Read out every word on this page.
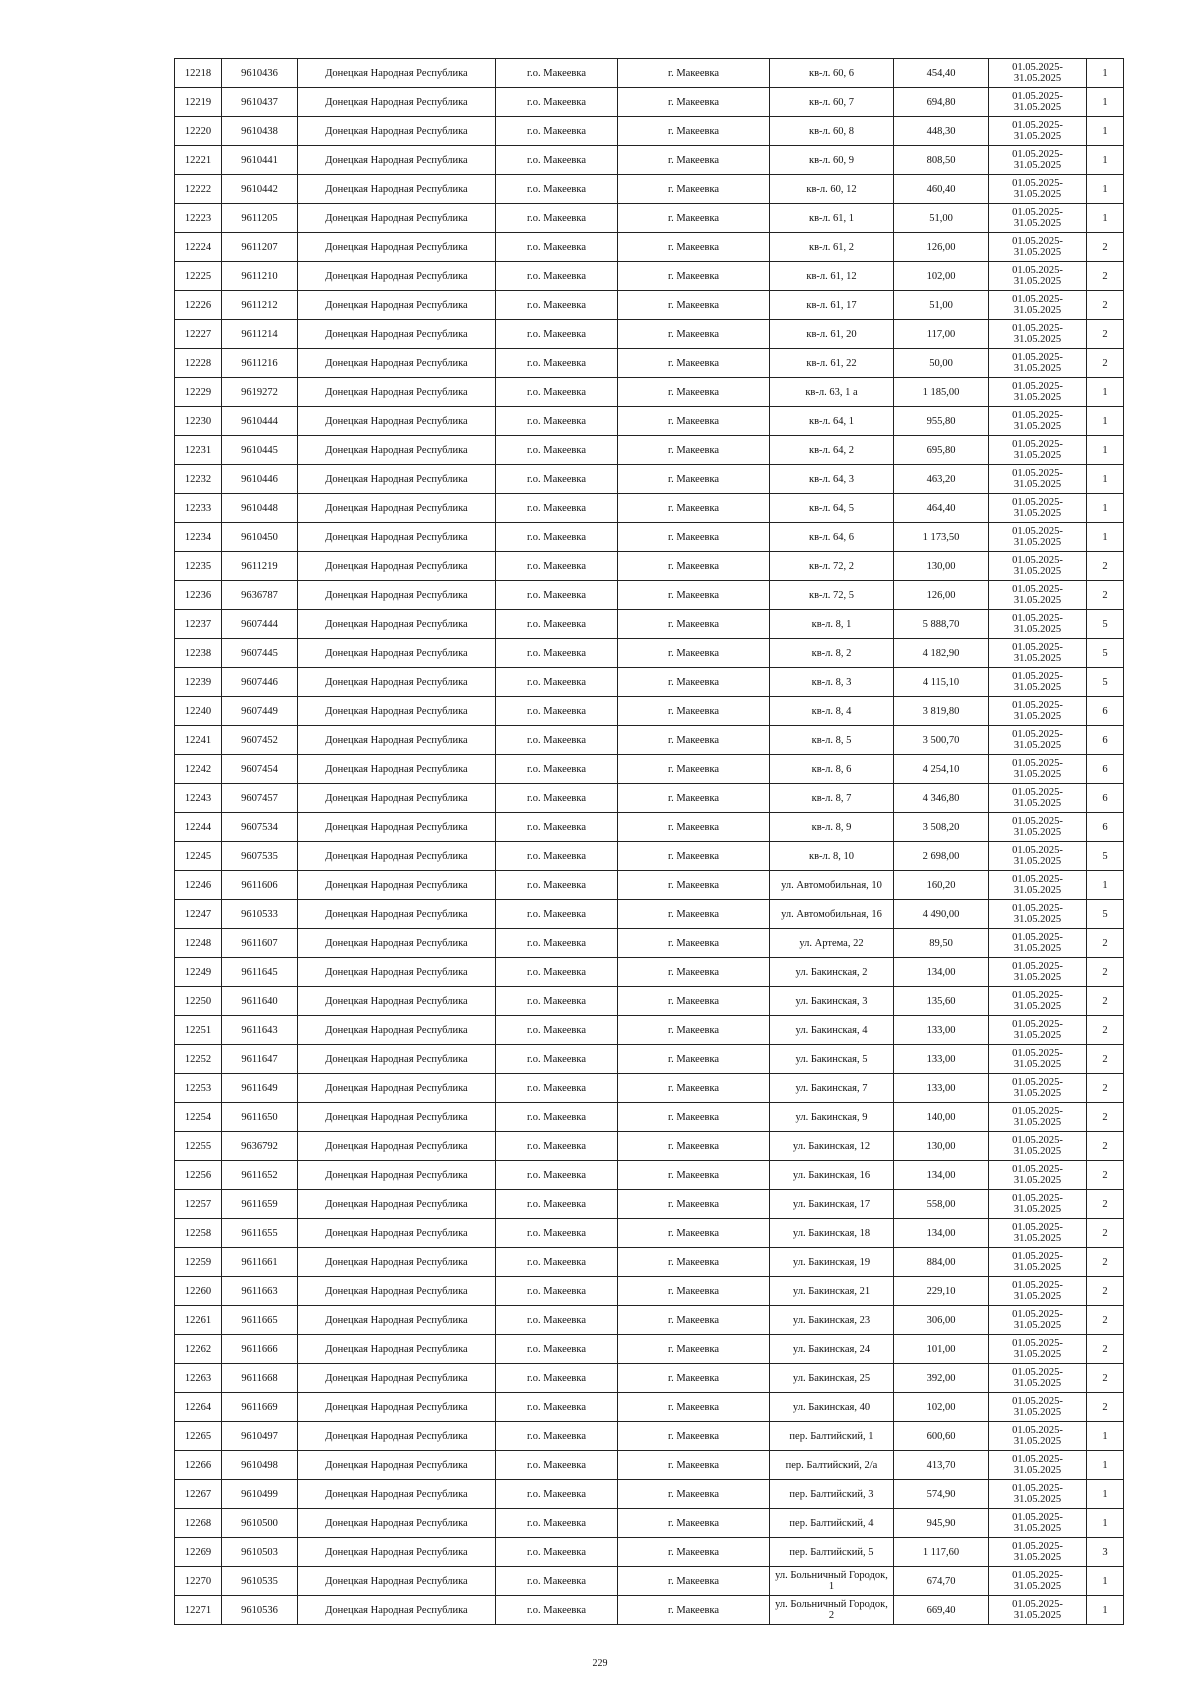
12218	9610436	Донецкая Народная Республика	г.о. Макеевка	г. Макеевка	кв-л. 60, 6	454,40	01.05.2025-31.05.2025	1
12219	9610437	Донецкая Народная Республика	г.о. Макеевка	г. Макеевка	кв-л. 60, 7	694,80	01.05.2025-31.05.2025	1
12220	9610438	Донецкая Народная Республика	г.о. Макеевка	г. Макеевка	кв-л. 60, 8	448,30	01.05.2025-31.05.2025	1
12221	9610441	Донецкая Народная Республика	г.о. Макеевка	г. Макеевка	кв-л. 60, 9	808,50	01.05.2025-31.05.2025	1
12222	9610442	Донецкая Народная Республика	г.о. Макеевка	г. Макеевка	кв-л. 60, 12	460,40	01.05.2025-31.05.2025	1
12223	9611205	Донецкая Народная Республика	г.о. Макеевка	г. Макеевка	кв-л. 61, 1	51,00	01.05.2025-31.05.2025	1
12224	9611207	Донецкая Народная Республика	г.о. Макеевка	г. Макеевка	кв-л. 61, 2	126,00	01.05.2025-31.05.2025	2
12225	9611210	Донецкая Народная Республика	г.о. Макеевка	г. Макеевка	кв-л. 61, 12	102,00	01.05.2025-31.05.2025	2
12226	9611212	Донецкая Народная Республика	г.о. Макеевка	г. Макеевка	кв-л. 61, 17	51,00	01.05.2025-31.05.2025	2
12227	9611214	Донецкая Народная Республика	г.о. Макеевка	г. Макеевка	кв-л. 61, 20	117,00	01.05.2025-31.05.2025	2
12228	9611216	Донецкая Народная Республика	г.о. Макеевка	г. Макеевка	кв-л. 61, 22	50,00	01.05.2025-31.05.2025	2
12229	9619272	Донецкая Народная Республика	г.о. Макеевка	г. Макеевка	кв-л. 63, 1 а	1 185,00	01.05.2025-31.05.2025	1
12230	9610444	Донецкая Народная Республика	г.о. Макеевка	г. Макеевка	кв-л. 64, 1	955,80	01.05.2025-31.05.2025	1
12231	9610445	Донецкая Народная Республика	г.о. Макеевка	г. Макеевка	кв-л. 64, 2	695,80	01.05.2025-31.05.2025	1
12232	9610446	Донецкая Народная Республика	г.о. Макеевка	г. Макеевка	кв-л. 64, 3	463,20	01.05.2025-31.05.2025	1
12233	9610448	Донецкая Народная Республика	г.о. Макеевка	г. Макеевка	кв-л. 64, 5	464,40	01.05.2025-31.05.2025	1
12234	9610450	Донецкая Народная Республика	г.о. Макеевка	г. Макеевка	кв-л. 64, 6	1 173,50	01.05.2025-31.05.2025	1
12235	9611219	Донецкая Народная Республика	г.о. Макеевка	г. Макеевка	кв-л. 72, 2	130,00	01.05.2025-31.05.2025	2
12236	9636787	Донецкая Народная Республика	г.о. Макеевка	г. Макеевка	кв-л. 72, 5	126,00	01.05.2025-31.05.2025	2
12237	9607444	Донецкая Народная Республика	г.о. Макеевка	г. Макеевка	кв-л. 8, 1	5 888,70	01.05.2025-31.05.2025	5
12238	9607445	Донецкая Народная Республика	г.о. Макеевка	г. Макеевка	кв-л. 8, 2	4 182,90	01.05.2025-31.05.2025	5
12239	9607446	Донецкая Народная Республика	г.о. Макеевка	г. Макеевка	кв-л. 8, 3	4 115,10	01.05.2025-31.05.2025	5
12240	9607449	Донецкая Народная Республика	г.о. Макеевка	г. Макеевка	кв-л. 8, 4	3 819,80	01.05.2025-31.05.2025	6
12241	9607452	Донецкая Народная Республика	г.о. Макеевка	г. Макеевка	кв-л. 8, 5	3 500,70	01.05.2025-31.05.2025	6
12242	9607454	Донецкая Народная Республика	г.о. Макеевка	г. Макеевка	кв-л. 8, 6	4 254,10	01.05.2025-31.05.2025	6
12243	9607457	Донецкая Народная Республика	г.о. Макеевка	г. Макеевка	кв-л. 8, 7	4 346,80	01.05.2025-31.05.2025	6
12244	9607534	Донецкая Народная Республика	г.о. Макеевка	г. Макеевка	кв-л. 8, 9	3 508,20	01.05.2025-31.05.2025	6
12245	9607535	Донецкая Народная Республика	г.о. Макеевка	г. Макеевка	кв-л. 8, 10	2 698,00	01.05.2025-31.05.2025	5
12246	9611606	Донецкая Народная Республика	г.о. Макеевка	г. Макеевка	ул. Автомобильная, 10	160,20	01.05.2025-31.05.2025	1
12247	9610533	Донецкая Народная Республика	г.о. Макеевка	г. Макеевка	ул. Автомобильная, 16	4 490,00	01.05.2025-31.05.2025	5
12248	9611607	Донецкая Народная Республика	г.о. Макеевка	г. Макеевка	ул. Артема, 22	89,50	01.05.2025-31.05.2025	2
12249	9611645	Донецкая Народная Республика	г.о. Макеевка	г. Макеевка	ул. Бакинская, 2	134,00	01.05.2025-31.05.2025	2
12250	9611640	Донецкая Народная Республика	г.о. Макеевка	г. Макеевка	ул. Бакинская, 3	135,60	01.05.2025-31.05.2025	2
12251	9611643	Донецкая Народная Республика	г.о. Макеевка	г. Макеевка	ул. Бакинская, 4	133,00	01.05.2025-31.05.2025	2
12252	9611647	Донецкая Народная Республика	г.о. Макеевка	г. Макеевка	ул. Бакинская, 5	133,00	01.05.2025-31.05.2025	2
12253	9611649	Донецкая Народная Республика	г.о. Макеевка	г. Макеевка	ул. Бакинская, 7	133,00	01.05.2025-31.05.2025	2
12254	9611650	Донецкая Народная Республика	г.о. Макеевка	г. Макеевка	ул. Бакинская, 9	140,00	01.05.2025-31.05.2025	2
12255	9636792	Донецкая Народная Республика	г.о. Макеевка	г. Макеевка	ул. Бакинская, 12	130,00	01.05.2025-31.05.2025	2
12256	9611652	Донецкая Народная Республика	г.о. Макеевка	г. Макеевка	ул. Бакинская, 16	134,00	01.05.2025-31.05.2025	2
12257	9611659	Донецкая Народная Республика	г.о. Макеевка	г. Макеевка	ул. Бакинская, 17	558,00	01.05.2025-31.05.2025	2
12258	9611655	Донецкая Народная Республика	г.о. Макеевка	г. Макеевка	ул. Бакинская, 18	134,00	01.05.2025-31.05.2025	2
12259	9611661	Донецкая Народная Республика	г.о. Макеевка	г. Макеевка	ул. Бакинская, 19	884,00	01.05.2025-31.05.2025	2
12260	9611663	Донецкая Народная Республика	г.о. Макеевка	г. Макеевка	ул. Бакинская, 21	229,10	01.05.2025-31.05.2025	2
12261	9611665	Донецкая Народная Республика	г.о. Макеевка	г. Макеевка	ул. Бакинская, 23	306,00	01.05.2025-31.05.2025	2
12262	9611666	Донецкая Народная Республика	г.о. Макеевка	г. Макеевка	ул. Бакинская, 24	101,00	01.05.2025-31.05.2025	2
12263	9611668	Донецкая Народная Республика	г.о. Макеевка	г. Макеевка	ул. Бакинская, 25	392,00	01.05.2025-31.05.2025	2
12264	9611669	Донецкая Народная Республика	г.о. Макеевка	г. Макеевка	ул. Бакинская, 40	102,00	01.05.2025-31.05.2025	2
12265	9610497	Донецкая Народная Республика	г.о. Макеевка	г. Макеевка	пер. Балтийский, 1	600,60	01.05.2025-31.05.2025	1
12266	9610498	Донецкая Народная Республика	г.о. Макеевка	г. Макеевка	пер. Балтийский, 2/а	413,70	01.05.2025-31.05.2025	1
12267	9610499	Донецкая Народная Республика	г.о. Макеевка	г. Макеевка	пер. Балтийский, 3	574,90	01.05.2025-31.05.2025	1
12268	9610500	Донецкая Народная Республика	г.о. Макеевка	г. Макеевка	пер. Балтийский, 4	945,90	01.05.2025-31.05.2025	1
12269	9610503	Донецкая Народная Республика	г.о. Макеевка	г. Макеевка	пер. Балтийский, 5	1 117,60	01.05.2025-31.05.2025	3
12270	9610535	Донецкая Народная Республика	г.о. Макеевка	г. Макеевка	ул. Больничный Городок, 1	674,70	01.05.2025-31.05.2025	1
12271	9610536	Донецкая Народная Республика	г.о. Макеевка	г. Макеевка	ул. Больничный Городок, 2	669,40	01.05.2025-31.05.2025	1
229
